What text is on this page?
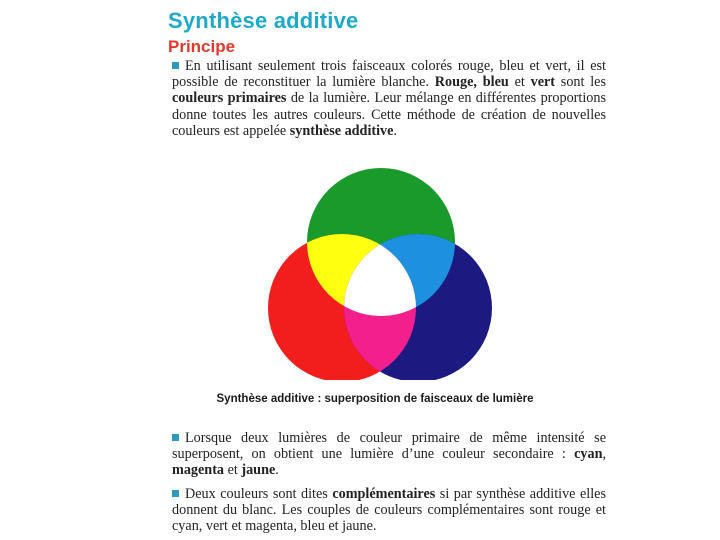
Synthèse additive
Principe
En utilisant seulement trois faisceaux colorés rouge, bleu et vert, il est possible de reconstituer la lumière blanche. Rouge, bleu et vert sont les couleurs primaires de la lumière. Leur mélange en différentes proportions donne toutes les autres couleurs. Cette méthode de création de nouvelles couleurs est appelée synthèse additive.
Synthèse additive : superposition de faisceaux de lumière
Lorsque deux lumières de couleur primaire de même intensité se superposent, on obtient une lumière d’une couleur secondaire : cyan, magenta et jaune.
Deux couleurs sont dites complémentaires si par synthèse additive elles donnent du blanc. Les couples de couleurs complémentaires sont rouge et cyan, vert et magenta, bleu et jaune.
